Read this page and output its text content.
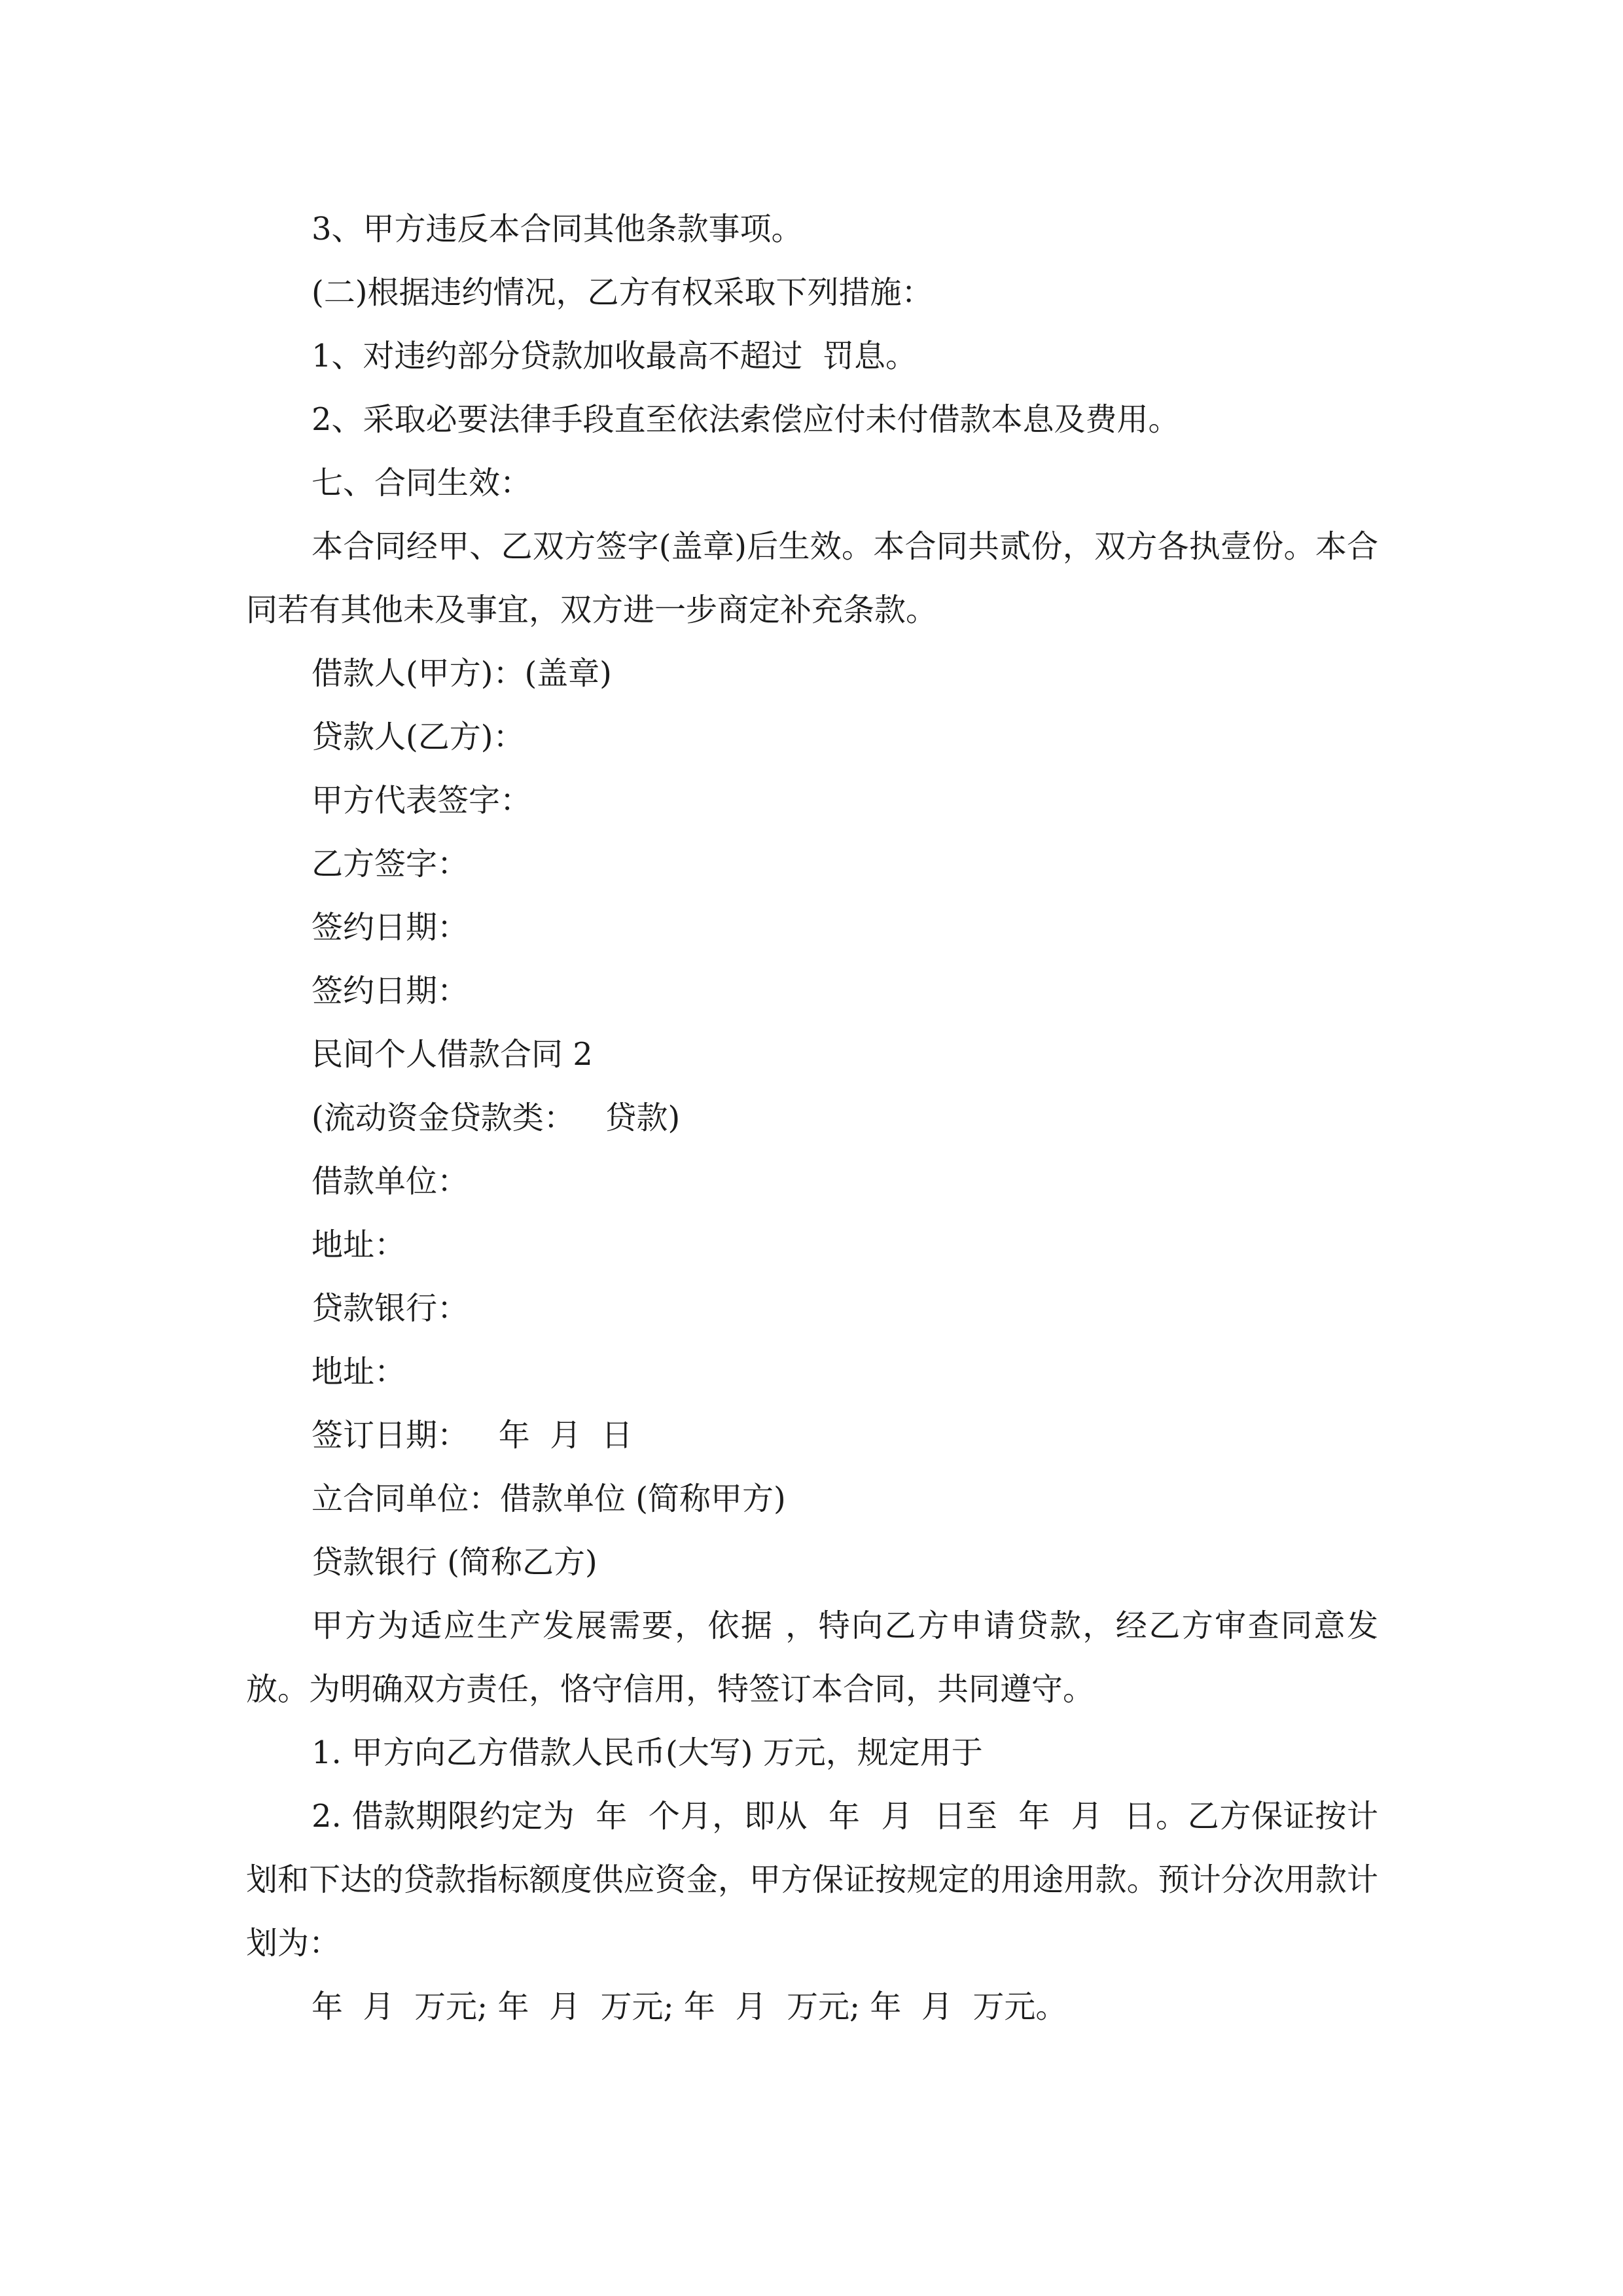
3、甲方违反本合同其他条款事项。

(二)根据违约情况，乙方有权采取下列措施：

1、对违约部分贷款加收最高不超过  罚息。

2、采取必要法律手段直至依法索偿应付未付借款本息及费用。

七、合同生效：

本合同经甲、乙双方签字(盖章)后生效。本合同共贰份，双方各执壹份。本合同若有其他未及事宜，双方进一步商定补充条款。

借款人(甲方)：(盖章)

贷款人(乙方)：

甲方代表签字：

乙方签字：

签约日期：

签约日期：

民间个人借款合同 2

(流动资金贷款类：   贷款)

借款单位：

地址：

贷款银行：

地址：

签订日期：   年  月  日

立合同单位：借款单位 (简称甲方)

贷款银行 (简称乙方)

甲方为适应生产发展需要，依据 ，特向乙方申请贷款，经乙方审查同意发放。为明确双方责任，恪守信用，特签订本合同，共同遵守。

1. 甲方向乙方借款人民币(大写) 万元，规定用于

2. 借款期限约定为  年  个月，即从  年  月  日至  年  月  日。乙方保证按计划和下达的贷款指标额度供应资金，甲方保证按规定的用途用款。预计分次用款计划为：

年  月  万元; 年  月  万元; 年  月  万元; 年  月  万元。
